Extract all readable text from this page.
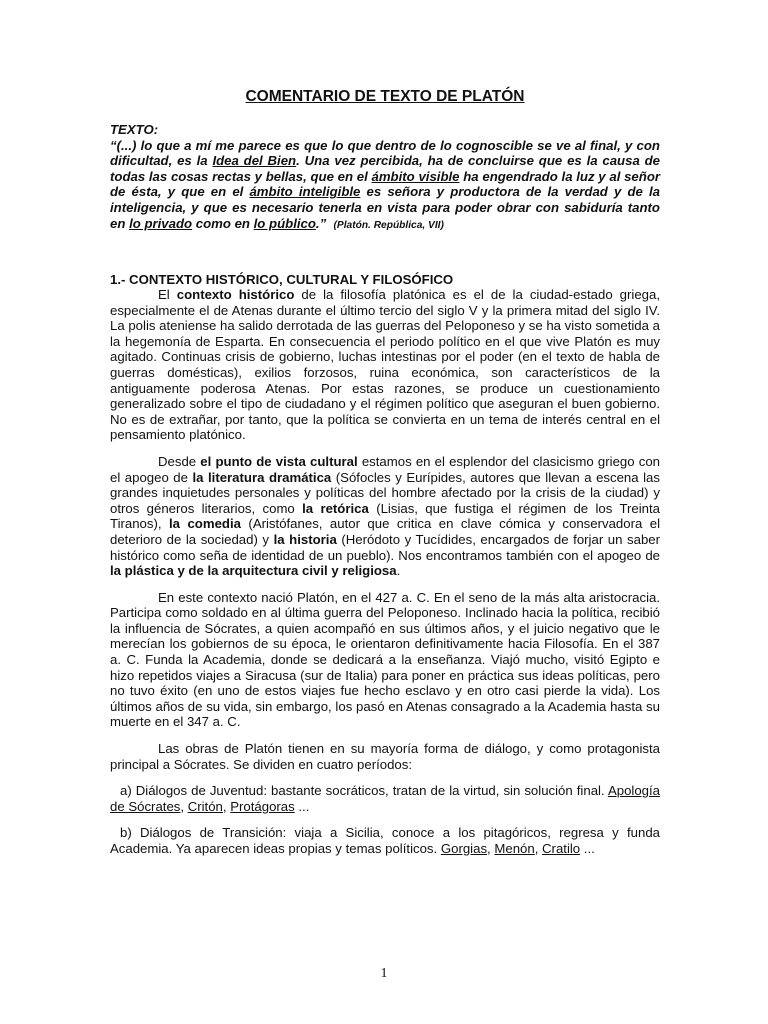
COMENTARIO DE TEXTO DE PLATÓN

TEXTO:
“(...) lo que a mí me parece es que lo que dentro de lo cognoscible se ve al final, y con dificultad, es la Idea del Bien. Una vez percibida, ha de concluirse que es la causa de todas las cosas rectas y bellas, que en el ámbito visible ha engendrado la luz y al señor de ésta, y que en el ámbito inteligible es señora y productora de la verdad y de la inteligencia, y que es necesario tenerla en vista para poder obrar con sabiduría tanto en lo privado como en lo público.” (Platón. República, VII)

1.- CONTEXTO HISTÓRICO, CULTURAL Y FILOSÓFICO

El contexto histórico de la filosofía platónica es el de la ciudad-estado griega, especialmente el de Atenas durante el último tercio del siglo V y la primera mitad del siglo IV. La polis ateniense ha salido derrotada de las guerras del Peloponeso y se ha visto sometida a la hegemonía de Esparta. En consecuencia el periodo político en el que vive Platón es muy agitado. Continuas crisis de gobierno, luchas intestinas por el poder (en el texto de habla de guerras domésticas), exilios forzosos, ruina económica, son característicos de la antiguamente poderosa Atenas. Por estas razones, se produce un cuestionamiento generalizado sobre el tipo de ciudadano y el régimen político que aseguran el buen gobierno. No es de extrañar, por tanto, que la política se convierta en un tema de interés central en el pensamiento platónico.

Desde el punto de vista cultural estamos en el esplendor del clasicismo griego con el apogeo de la literatura dramática (Sófocles y Eurípides, autores que llevan a escena las grandes inquietudes personales y políticas del hombre afectado por la crisis de la ciudad) y otros géneros literarios, como la retórica (Lisias, que fustiga el régimen de los Treinta Tiranos), la comedia (Aristófanes, autor que critica en clave cómica y conservadora el deterioro de la sociedad) y la historia (Heródoto y Tucídides, encargados de forjar un saber histórico como seña de identidad de un pueblo). Nos encontramos también con el apogeo de la plástica y de la arquitectura civil y religiosa.

En este contexto nació Platón, en el 427 a. C. En el seno de la más alta aristocracia. Participa como soldado en al última guerra del Peloponeso. Inclinado hacia la política, recibió la influencia de Sócrates, a quien acompañó en sus últimos años, y el juicio negativo que le merecían los gobiernos de su época, le orientaron definitivamente hacia Filosofía. En el 387 a. C. Funda la Academia, donde se dedicará a la enseñanza. Viajó mucho, visitó Egipto e hizo repetidos viajes a Siracusa (sur de Italia) para poner en práctica sus ideas políticas, pero no tuvo éxito (en uno de estos viajes fue hecho esclavo y en otro casi pierde la vida). Los últimos años de su vida, sin embargo, los pasó en Atenas consagrado a la Academia hasta su muerte en el 347 a. C.

Las obras de Platón tienen en su mayoría forma de diálogo, y como protagonista principal a Sócrates. Se dividen en cuatro períodos:

a) Diálogos de Juventud: bastante socráticos, tratan de la virtud, sin solución final. Apología de Sócrates, Critón, Protágoras ...

b) Diálogos de Transición: viaja a Sicilia, conoce a los pitagóricos, regresa y funda Academia. Ya aparecen ideas propias y temas políticos. Gorgias, Menón, Cratilo ...

1
